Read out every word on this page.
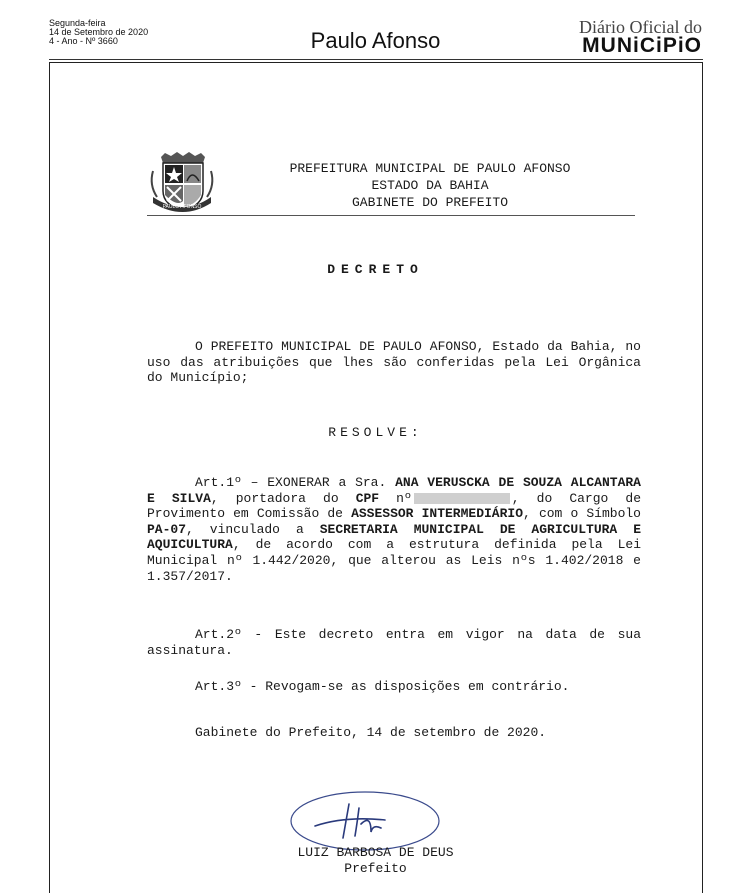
Segunda-feira
14 de Setembro de 2020
4 - Ano - Nº 3660	Paulo Afonso
Diário Oficial do
MUNiCiPiO
PAULO AFONSO
PREFEITURA MUNICIPAL DE PAULO AFONSO
ESTADO DA BAHIA
GABINETE DO PREFEITO
DECRETO
O PREFEITO MUNICIPAL DE PAULO AFONSO, Estado da Bahia, no uso das atribuições que lhes são conferidas pela Lei Orgânica do Município;
RESOLVE:
Art.1º – EXONERAR a Sra. ANA VERUSCKA DE SOUZA ALCANTARA E SILVA, portadora do CPF nº	, do Cargo de Provimento em Comissão de ASSESSOR INTERMEDIÁRIO, com o Símbolo PA-07, vinculado a SECRETARIA MUNICIPAL DE AGRICULTURA E AQUICULTURA, de acordo com a estrutura definida pela Lei Municipal nº 1.442/2020, que alterou as Leis nºs 1.402/2018 e 1.357/2017.
Art.2º - Este decreto entra em vigor na data de sua assinatura.
Art.3º - Revogam-se as disposições em contrário.
Gabinete do Prefeito, 14 de setembro de 2020.
LUIZ BARBOSA DE DEUS
Prefeito
